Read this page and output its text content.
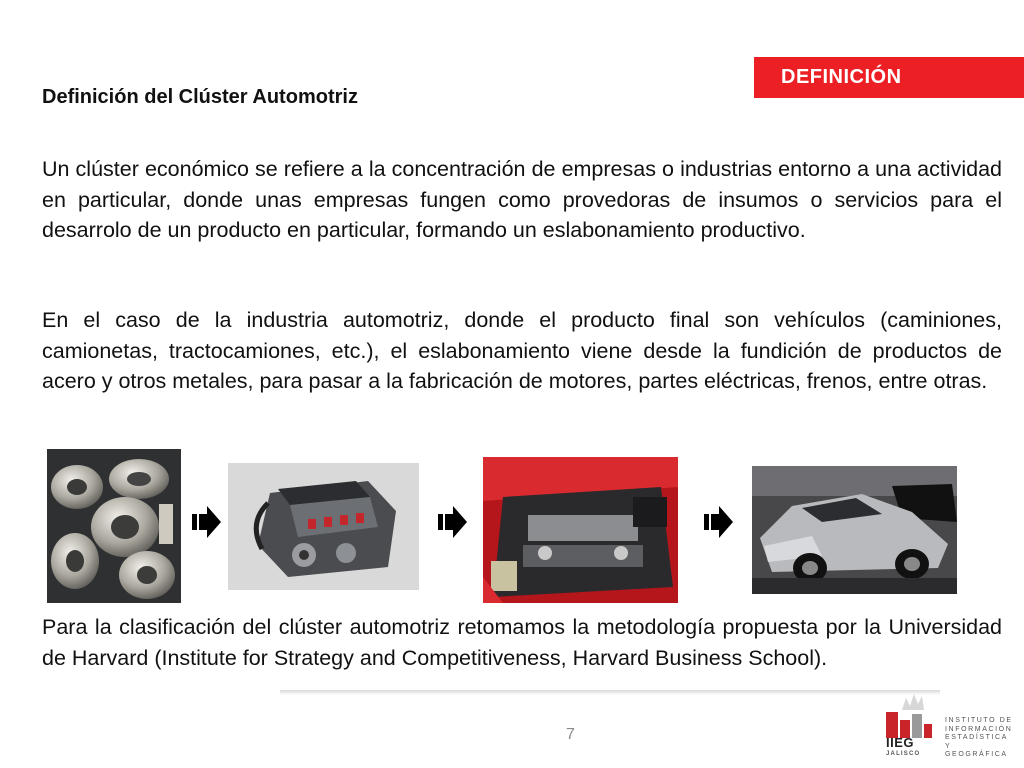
DEFINICIÓN
Definición del Clúster Automotriz

Un clúster económico se refiere a la concentración de empresas o industrias entorno a una actividad en particular, donde unas empresas fungen como provedoras de insumos o servicios para el desarrolo de un producto en particular, formando un eslabonamiento productivo.

En el caso de la industria automotriz, donde el producto final son vehículos (caminiones, camionetas, tractocamiones, etc.), el eslabonamiento viene desde la fundición de productos de acero y otros metales, para pasar a la fabricación de motores, partes eléctricas, frenos, entre otras.

Para la clasificación del clúster automotriz retomamos la metodología propuesta por la Universidad de Harvard (Institute for Strategy and Competitiveness, Harvard Business School).

7	IIEG
INSTITUTO DE
INFORMACIÓN
ESTADÍSTICA Y
GEOGRÁFICA
JALISCO
